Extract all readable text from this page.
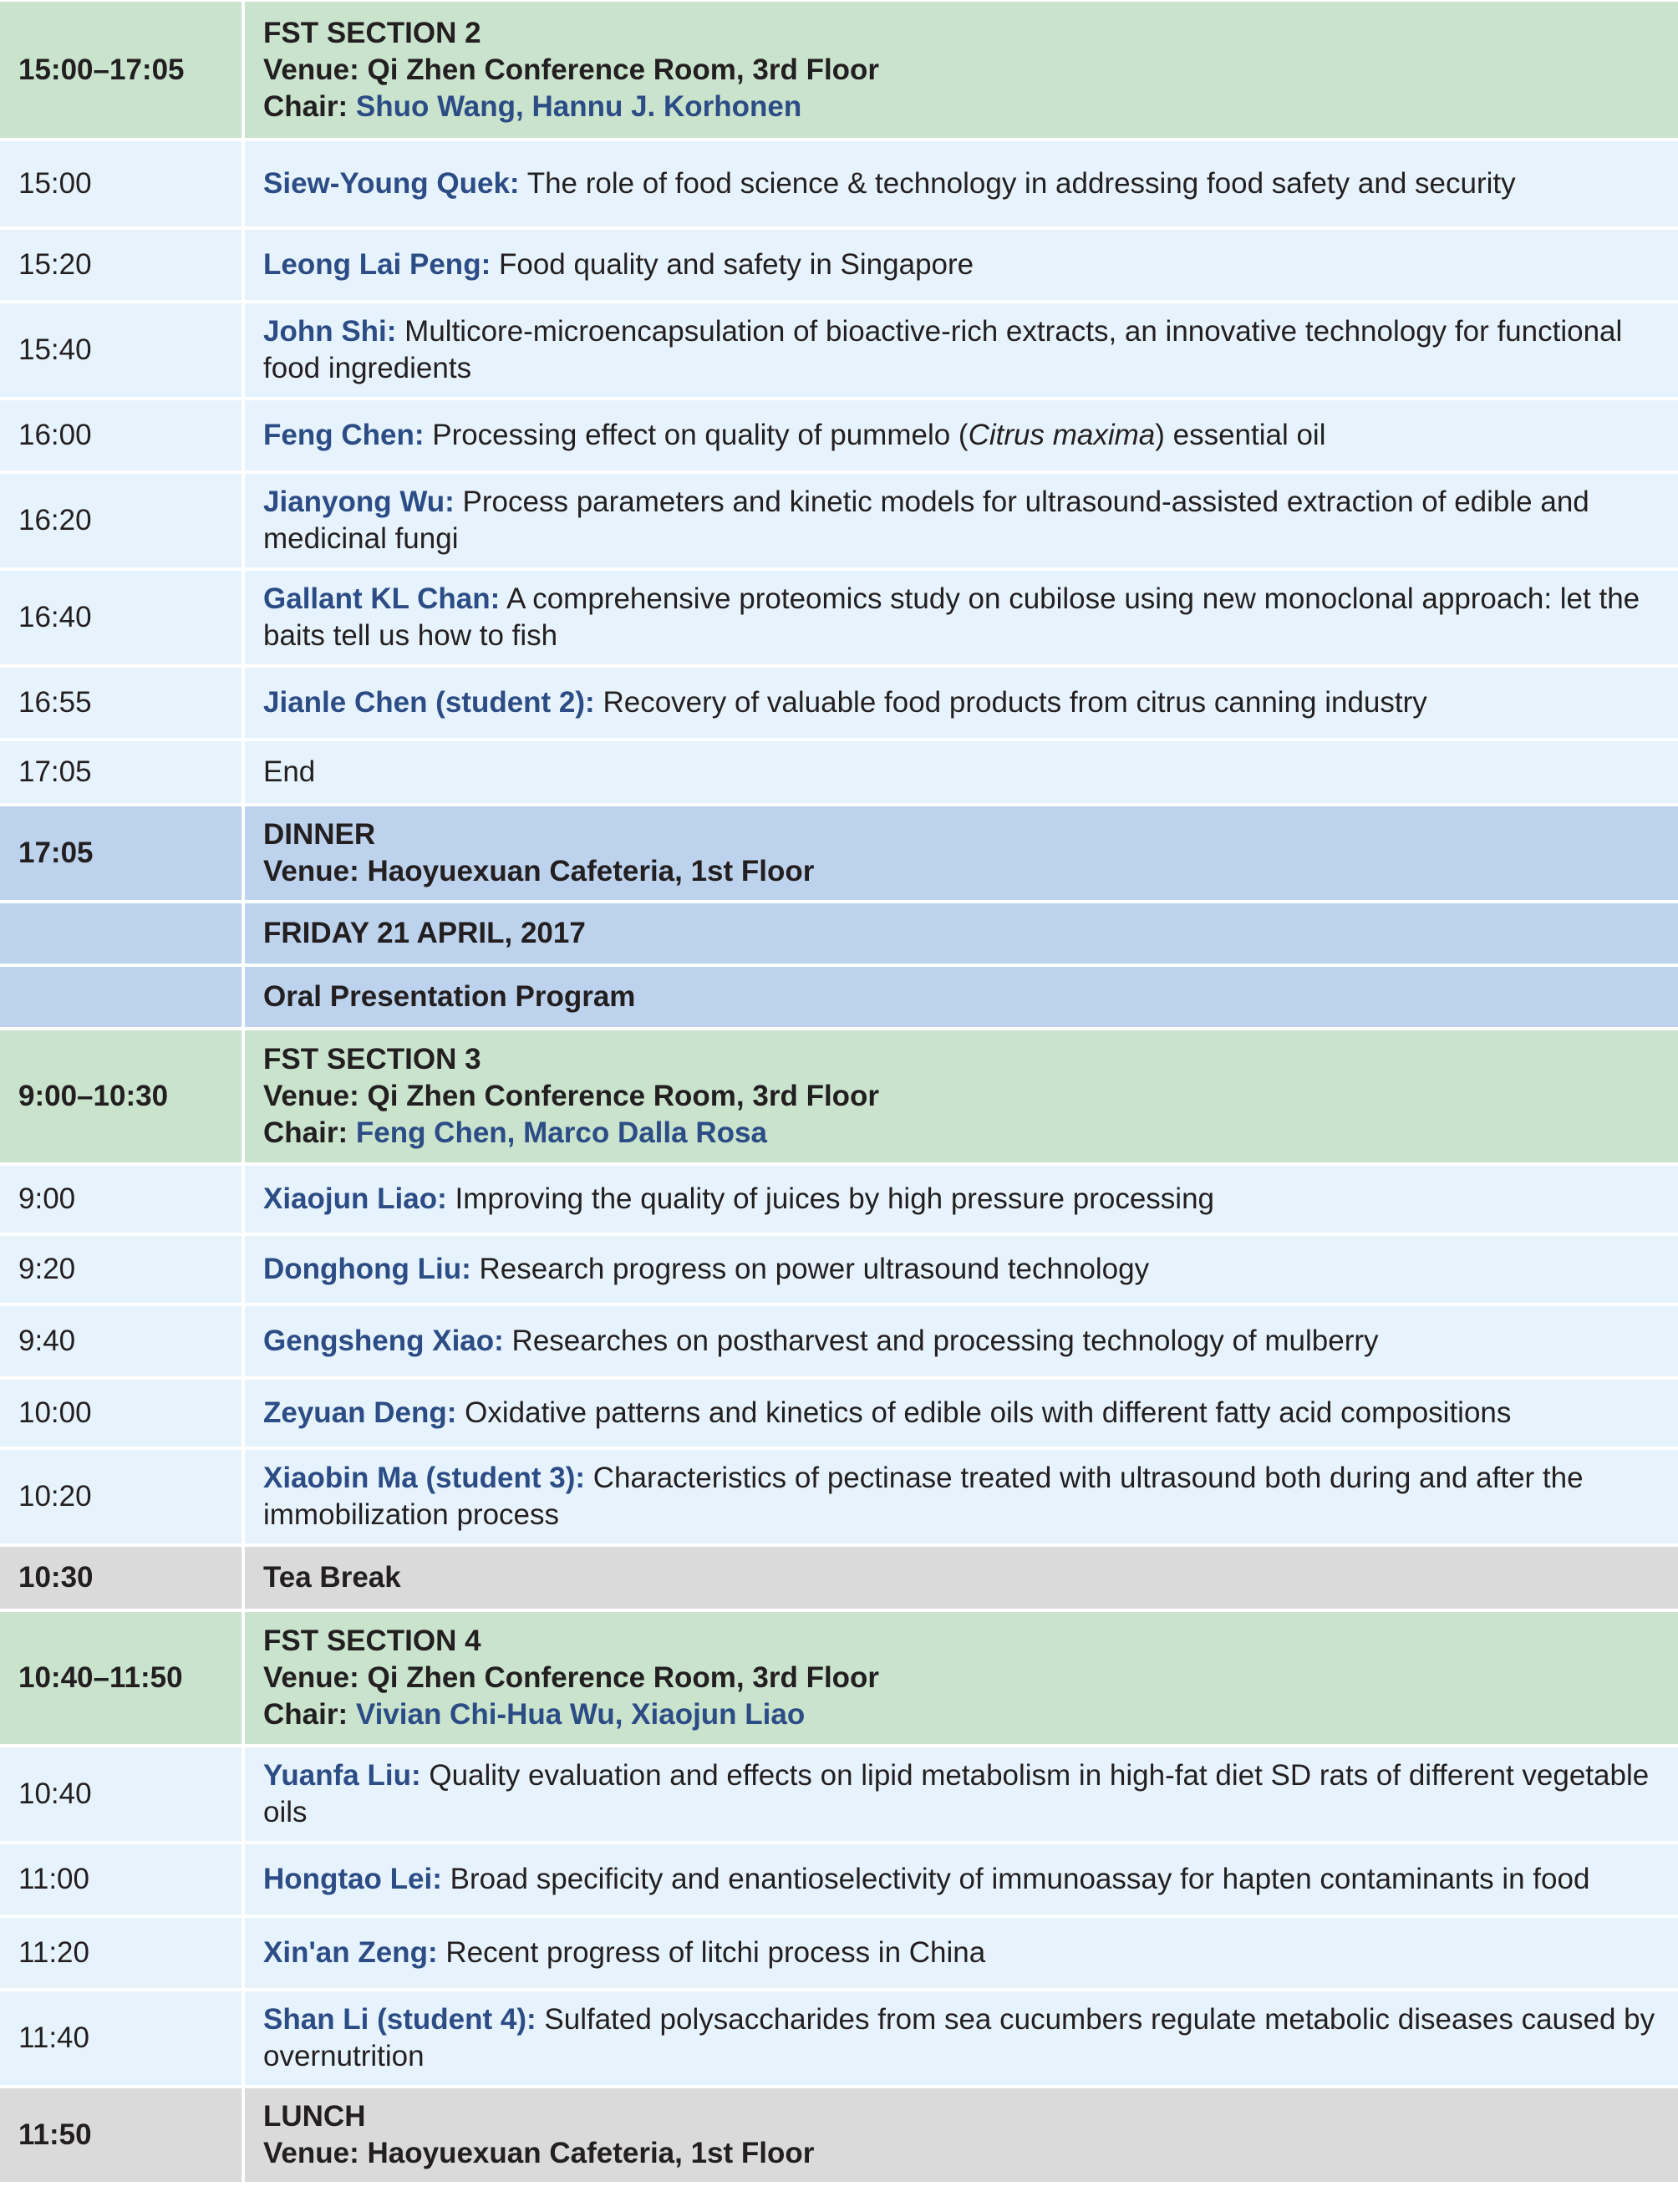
15:00–17:05	FST SECTION 2
Venue: Qi Zhen Conference Room, 3rd Floor
Chair: Shuo Wang, Hannu J. Korhonen

15:00	Siew-Young Quek: The role of food science & technology in addressing food safety and security
15:20	Leong Lai Peng: Food quality and safety in Singapore
15:40	John Shi: Multicore-microencapsulation of bioactive-rich extracts, an innovative technology for functional food ingredients
16:00	Feng Chen: Processing effect on quality of pummelo (Citrus maxima) essential oil
16:20	Jianyong Wu: Process parameters and kinetic models for ultrasound-assisted extraction of edible and medicinal fungi
16:40	Gallant KL Chan: A comprehensive proteomics study on cubilose using new monoclonal approach: let the baits tell us how to fish
16:55	Jianle Chen (student 2): Recovery of valuable food products from citrus canning industry
17:05	End
17:05	DINNER
Venue: Haoyuexuan Cafeteria, 1st Floor

	FRIDAY 21 APRIL, 2017
	Oral Presentation Program
9:00–10:30	FST SECTION 3
Venue: Qi Zhen Conference Room, 3rd Floor
Chair: Feng Chen, Marco Dalla Rosa

9:00	Xiaojun Liao: Improving the quality of juices by high pressure processing
9:20	Donghong Liu: Research progress on power ultrasound technology
9:40	Gengsheng Xiao: Researches on postharvest and processing technology of mulberry
10:00	Zeyuan Deng: Oxidative patterns and kinetics of edible oils with different fatty acid compositions
10:20	Xiaobin Ma (student 3): Characteristics of pectinase treated with ultrasound both during and after the immobilization process
10:30	Tea Break
10:40–11:50	FST SECTION 4
Venue: Qi Zhen Conference Room, 3rd Floor
Chair: Vivian Chi-Hua Wu, Xiaojun Liao

10:40	Yuanfa Liu: Quality evaluation and effects on lipid metabolism in high-fat diet SD rats of different vegetable oils
11:00	Hongtao Lei: Broad specificity and enantioselectivity of immunoassay for hapten contaminants in food
11:20	Xin'an Zeng: Recent progress of litchi process in China
11:40	Shan Li (student 4): Sulfated polysaccharides from sea cucumbers regulate metabolic diseases caused by overnutrition
11:50	LUNCH
Venue: Haoyuexuan Cafeteria, 1st Floor
